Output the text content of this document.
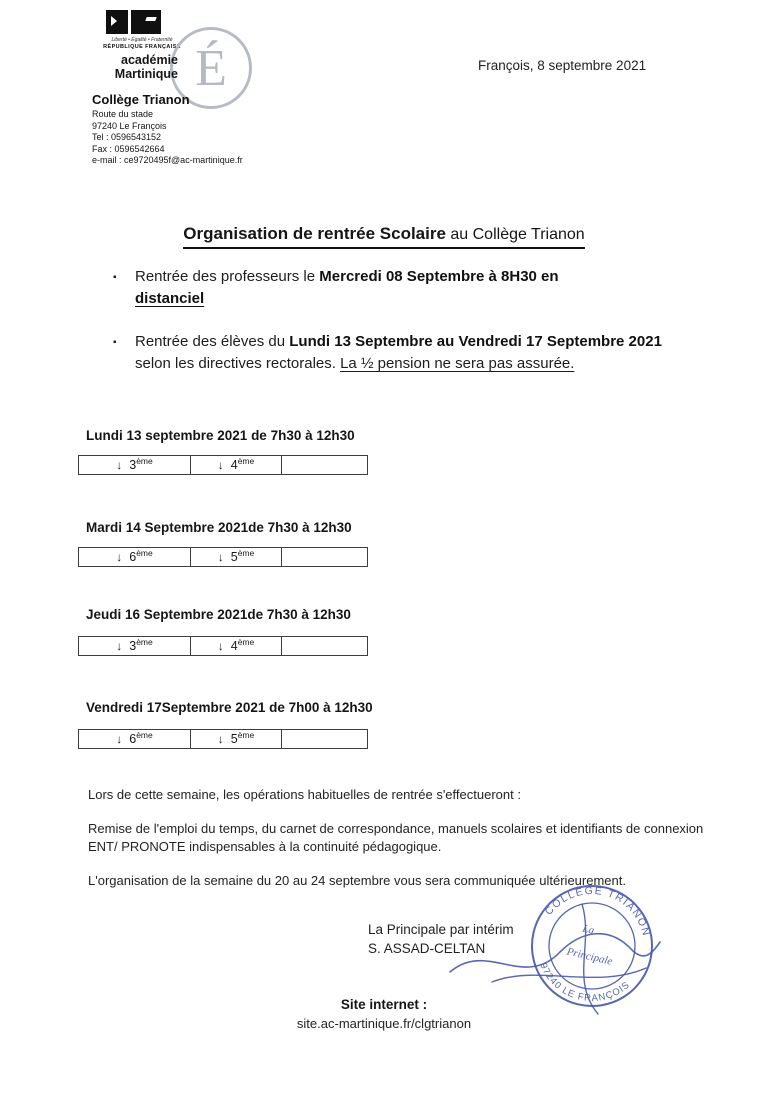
Liberté • Égalité • Fraternité
RÉPUBLIQUE FRANÇAISE É
académie
Martinique
Collège Trianon
Route du stade
97240 Le François
Tel : 0596543152
Fax : 0596542664
e-mail : ce9720495f@ac-martinique.fr
François, 8 septembre 2021
Organisation de rentrée Scolaire au Collège Trianon
▪	Rentrée des professeurs le Mercredi 08 Septembre à 8H30 en
distanciel
▪	Rentrée des élèves du Lundi 13 Septembre au Vendredi 17 Septembre 2021 selon les directives rectorales. La ½ pension ne sera pas assurée.
Lundi 13 septembre 2021 de 7h30 à 12h30
↓ 3ème	↓ 4ème
Mardi 14 Septembre 2021de 7h30 à 12h30
↓ 6ème	↓ 5ème
Jeudi 16 Septembre 2021de 7h30 à 12h30
↓ 3ème	↓ 4ème
Vendredi 17Septembre 2021 de 7h00 à 12h30
↓ 6ème	↓ 5ème
Lors de cette semaine, les opérations habituelles de rentrée s'effectueront :
Remise de l'emploi du temps, du carnet de correspondance, manuels scolaires et identifiants de connexion ENT/ PRONOTE indispensables à la continuité pédagogique.
L'organisation de la semaine du 20 au 24 septembre vous sera communiquée ultérieurement.
La Principale par intérim
S. ASSAD-CELTAN
COLLÈGE TRIANON
97240 LE FRANÇOIS
La
Principale
Site internet :
site.ac-martinique.fr/clgtrianon
